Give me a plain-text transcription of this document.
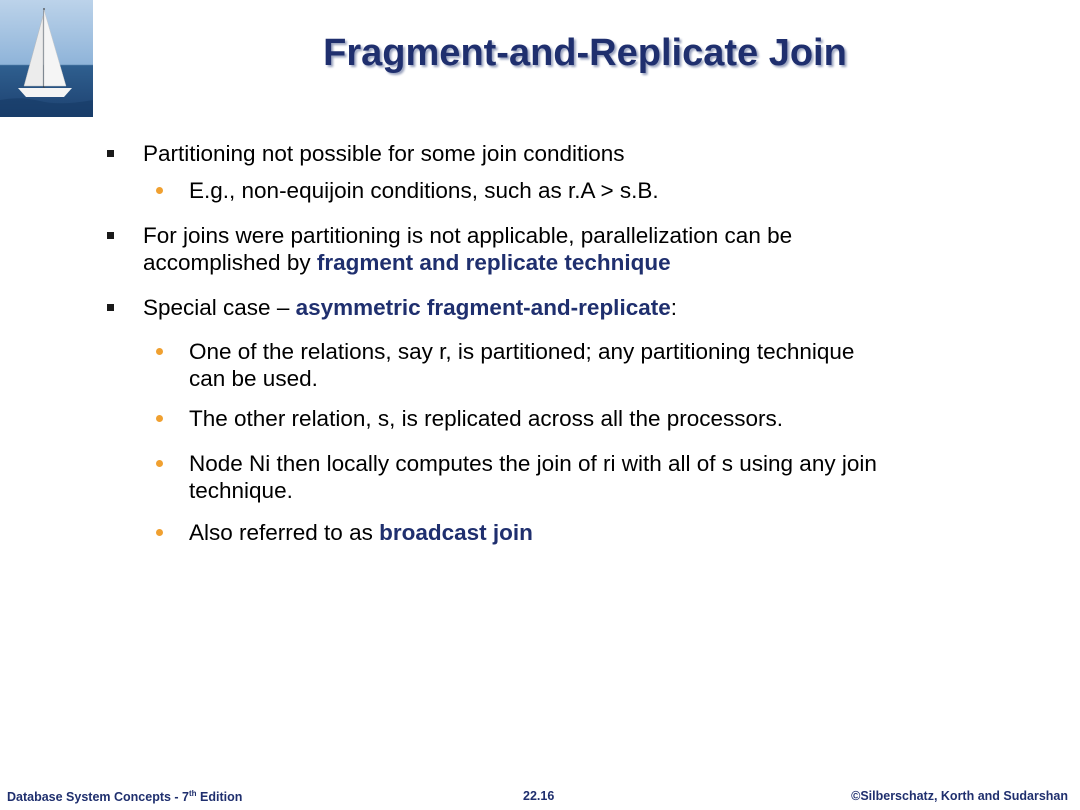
Fragment-and-Replicate Join
Partitioning not possible for some join conditions
E.g., non-equijoin conditions, such as r.A > s.B.
For joins were partitioning is not applicable, parallelization can be accomplished by fragment and replicate technique
Special case – asymmetric fragment-and-replicate:
One of the relations, say r, is partitioned; any partitioning technique can be used.
The other relation, s, is replicated across all the processors.
Node Ni then locally computes the join of ri with all of s using any join technique.
Also referred to as broadcast join
Database System Concepts - 7th Edition	22.16	©Silberschatz, Korth and Sudarshan
